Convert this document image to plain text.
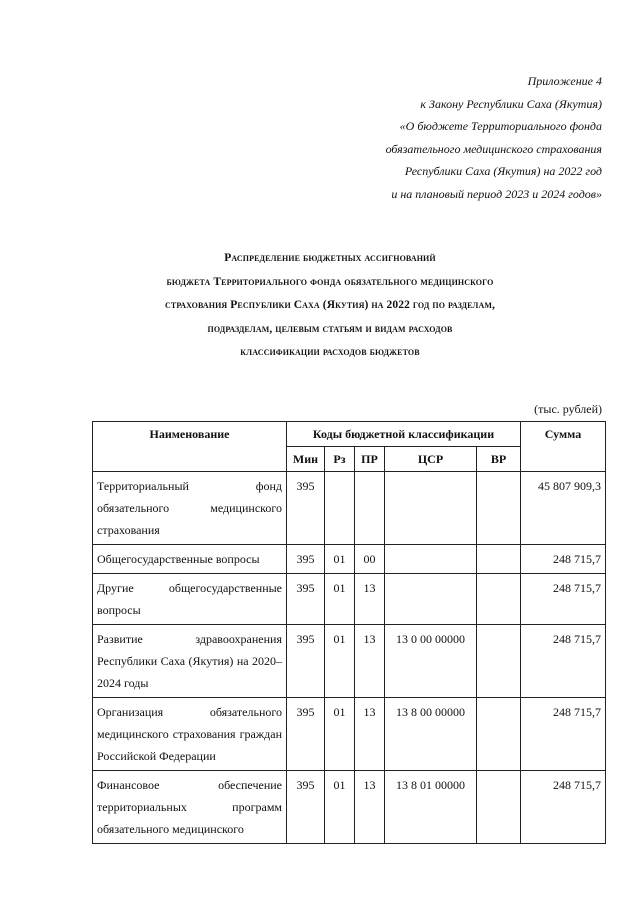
Приложение 4
к Закону Республики Саха (Якутия)
«О бюджете Территориального фонда
обязательного медицинского страхования
Республики Саха (Якутия) на 2022 год
и на плановый период 2023 и 2024 годов»
Распределение бюджетных ассигнований
бюджета Территориального фонда обязательного медицинского
страхования Республики Саха (Якутия) на 2022 год по разделам,
подразделам, целевым статьям и видам расходов
классификации расходов бюджетов
(тыс. рублей)
Наименование	Коды бюджетной классификации					Сумма
	Мин	Рз	ПР	ЦСР	ВР	
Территориальный фонд обязательного медицинского страхования	395					45 807 909,3
Общегосударственные вопросы	395	01	00			248 715,7
Другие общегосударственные вопросы	395	01	13			248 715,7
Развитие здравоохранения Республики Саха (Якутия) на 2020–2024 годы	395	01	13	13 0 00 00000		248 715,7
Организация обязательного медицинского страхования граждан Российской Федерации	395	01	13	13 8 00 00000		248 715,7
Финансовое обеспечение территориальных программ обязательного медицинского	395	01	13	13 8 01 00000		248 715,7
